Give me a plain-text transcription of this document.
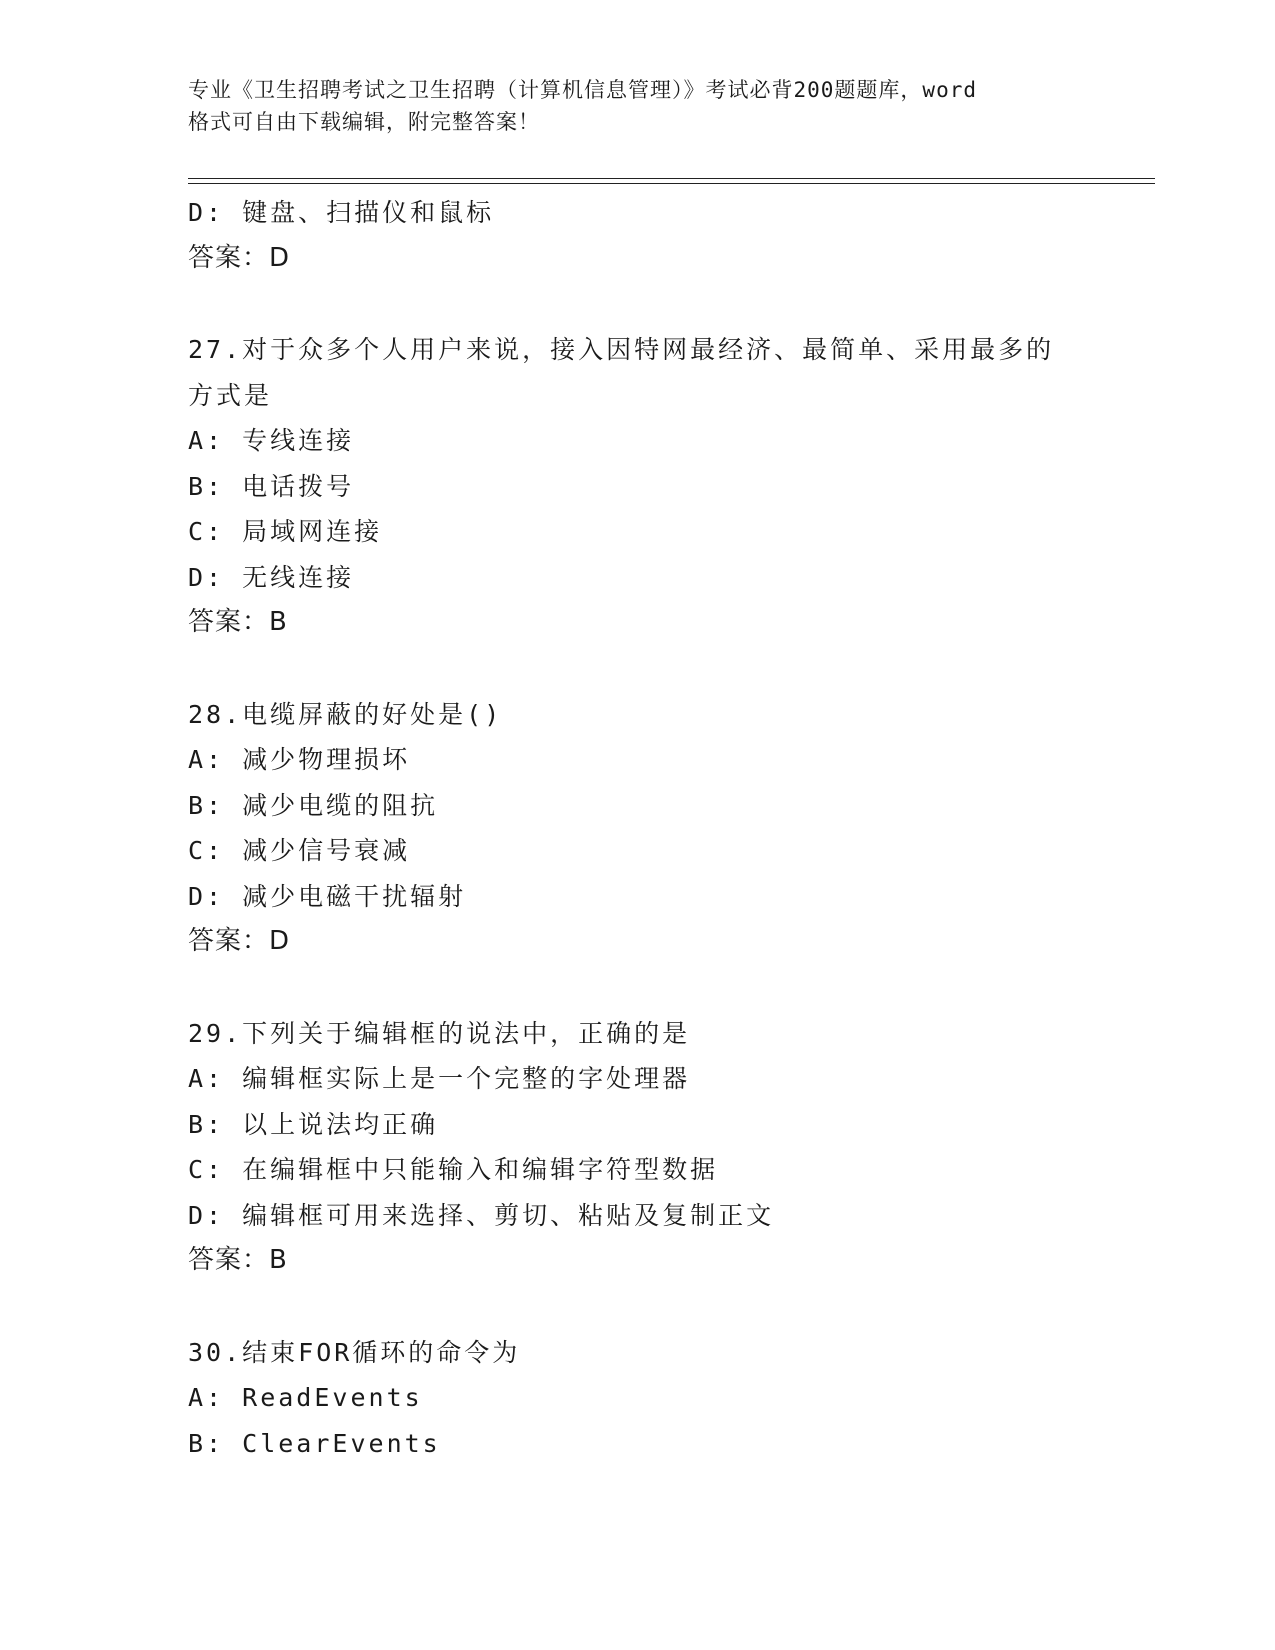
专业《卫生招聘考试之卫生招聘（计算机信息管理）》考试必背200题题库，word
格式可自由下载编辑，附完整答案！
D: 键盘、扫描仪和鼠标
答案：D
27.对于众多个人用户来说，接入因特网最经济、最简单、采用最多的
方式是
A: 专线连接
B: 电话拨号
C: 局域网连接
D: 无线连接
答案：B
28.电缆屏蔽的好处是()
A: 减少物理损坏
B: 减少电缆的阻抗
C: 减少信号衰减
D: 减少电磁干扰辐射
答案：D
29.下列关于编辑框的说法中，正确的是
A: 编辑框实际上是一个完整的字处理器
B: 以上说法均正确
C: 在编辑框中只能输入和编辑字符型数据
D: 编辑框可用来选择、剪切、粘贴及复制正文
答案：B
30.结束FOR循环的命令为
A: ReadEvents
B: ClearEvents
